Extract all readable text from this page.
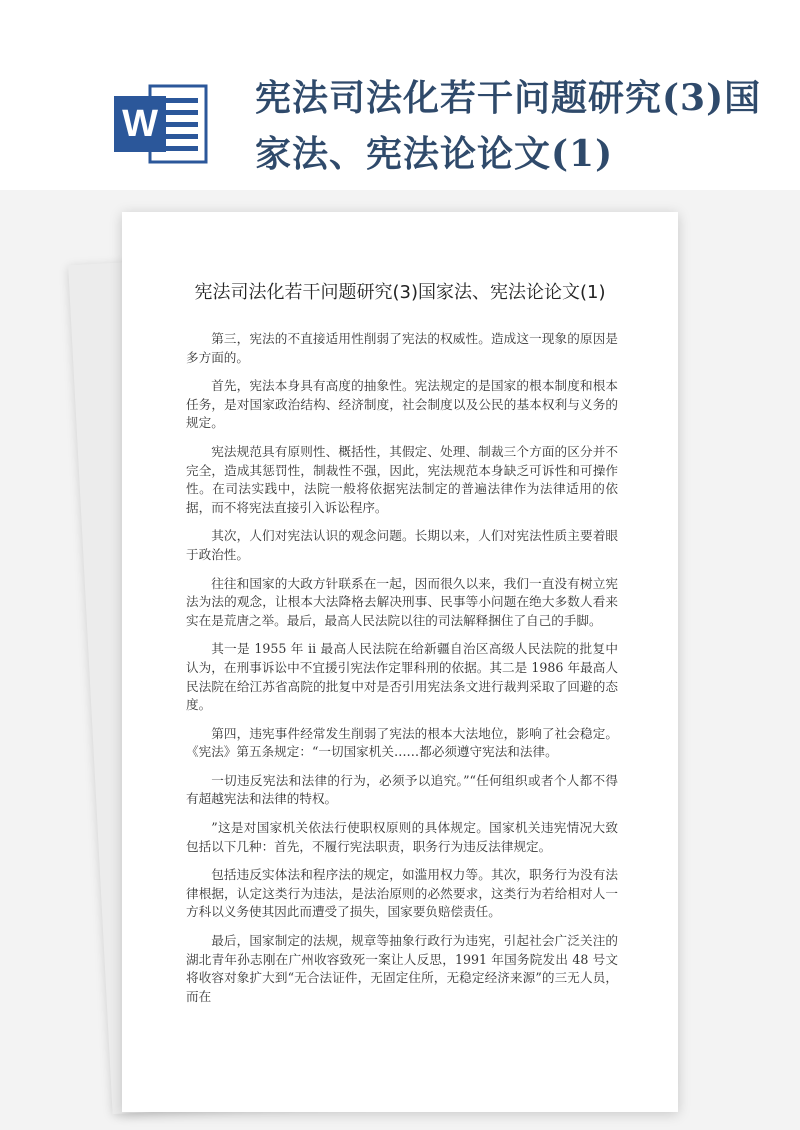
W
宪法司法化若干问题研究(3)国家法、宪法论论文(1)
宪法司法化若干问题研究(3)国家法、宪法论论文(1)

第三，宪法的不直接适用性削弱了宪法的权威性。造成这一现象的原因是多方面的。

首先，宪法本身具有高度的抽象性。宪法规定的是国家的根本制度和根本任务，是对国家政治结构、经济制度，社会制度以及公民的基本权利与义务的规定。

宪法规范具有原则性、概括性，其假定、处理、制裁三个方面的区分并不完全，造成其惩罚性，制裁性不强，因此，宪法规范本身缺乏可诉性和可操作性。在司法实践中，法院一般将依据宪法制定的普遍法律作为法律适用的依据，而不将宪法直接引入诉讼程序。

其次，人们对宪法认识的观念问题。长期以来，人们对宪法性质主要着眼于政治性。

往往和国家的大政方针联系在一起，因而很久以来，我们一直没有树立宪法为法的观念，让根本大法降格去解决刑事、民事等小问题在绝大多数人看来实在是荒唐之举。最后，最高人民法院以往的司法解释捆住了自己的手脚。

其一是 1955 年 ii 最高人民法院在给新疆自治区高级人民法院的批复中认为，在刑事诉讼中不宜援引宪法作定罪科刑的依据。其二是 1986 年最高人民法院在给江苏省高院的批复中对是否引用宪法条文进行裁判采取了回避的态度。

第四，违宪事件经常发生削弱了宪法的根本大法地位，影响了社会稳定。《宪法》第五条规定：“一切国家机关……都必须遵守宪法和法律。

一切违反宪法和法律的行为，必须予以追究。”“任何组织或者个人都不得有超越宪法和法律的特权。

”这是对国家机关依法行使职权原则的具体规定。国家机关违宪情况大致包括以下几种：首先，不履行宪法职责，职务行为违反法律规定。

包括违反实体法和程序法的规定，如滥用权力等。其次，职务行为没有法律根据，认定这类行为违法，是法治原则的必然要求，这类行为若给相对人一方科以义务使其因此而遭受了损失，国家要负赔偿责任。

最后，国家制定的法规，规章等抽象行政行为违宪，引起社会广泛关注的湖北青年孙志刚在广州收容致死一案让人反思，1991 年国务院发出 48 号文将收容对象扩大到“无合法证件，无固定住所，无稳定经济来源”的三无人员，而在
